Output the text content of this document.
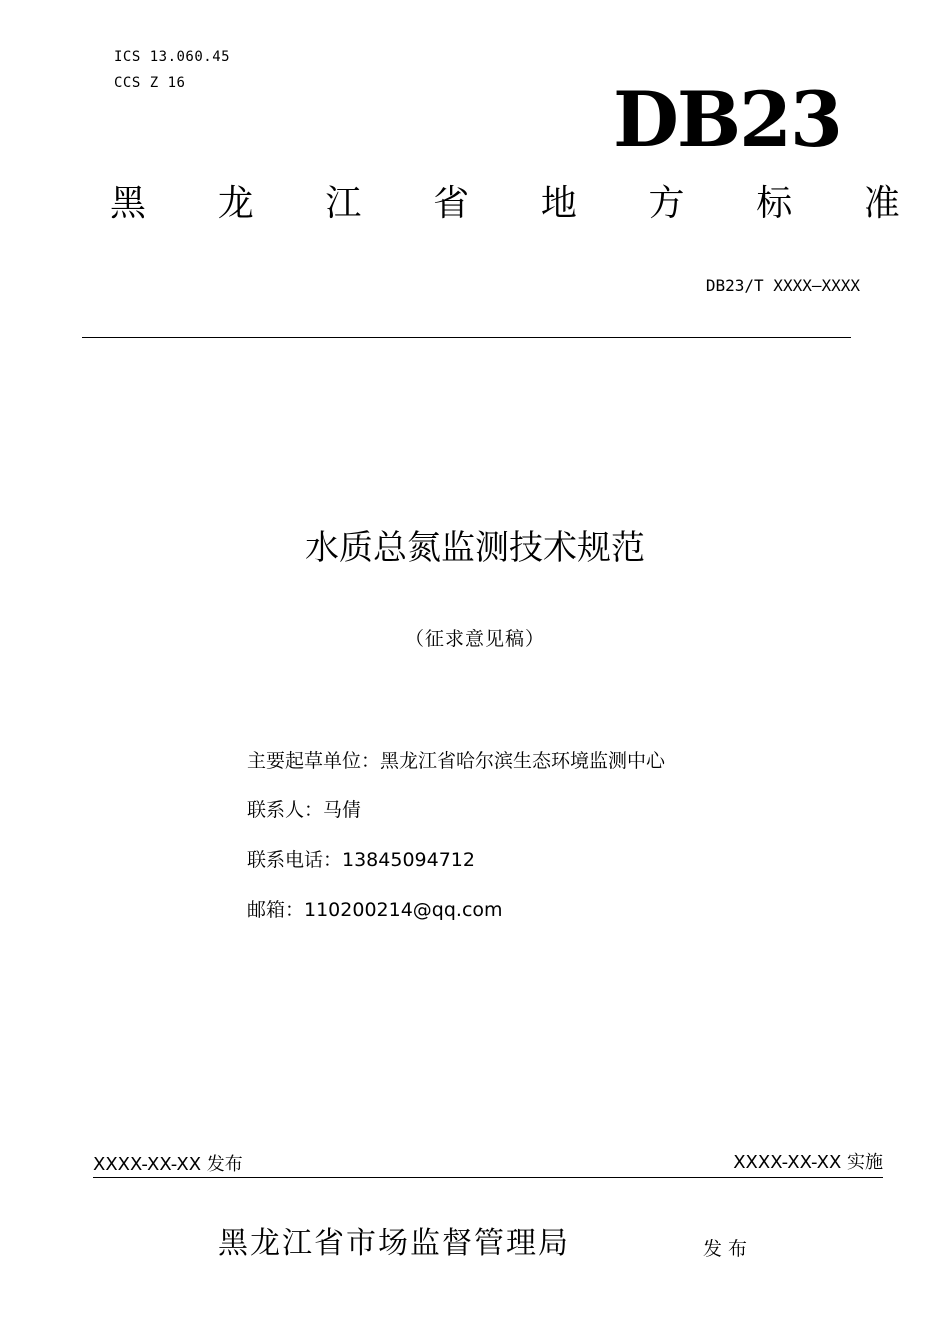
ICS 13.060.45
CCS Z 16	DB23
黑 龙 江 省 地 方 标 准
DB23/T XXXX—XXXX
水质总氮监测技术规范
（征求意见稿）
主要起草单位：黑龙江省哈尔滨生态环境监测中心
联系人：马倩
联系电话：13845094712
邮箱：110200214@qq.com
XXXX-XX-XX 发布	XXXX-XX-XX 实施
黑龙江省市场监督管理局	发布
